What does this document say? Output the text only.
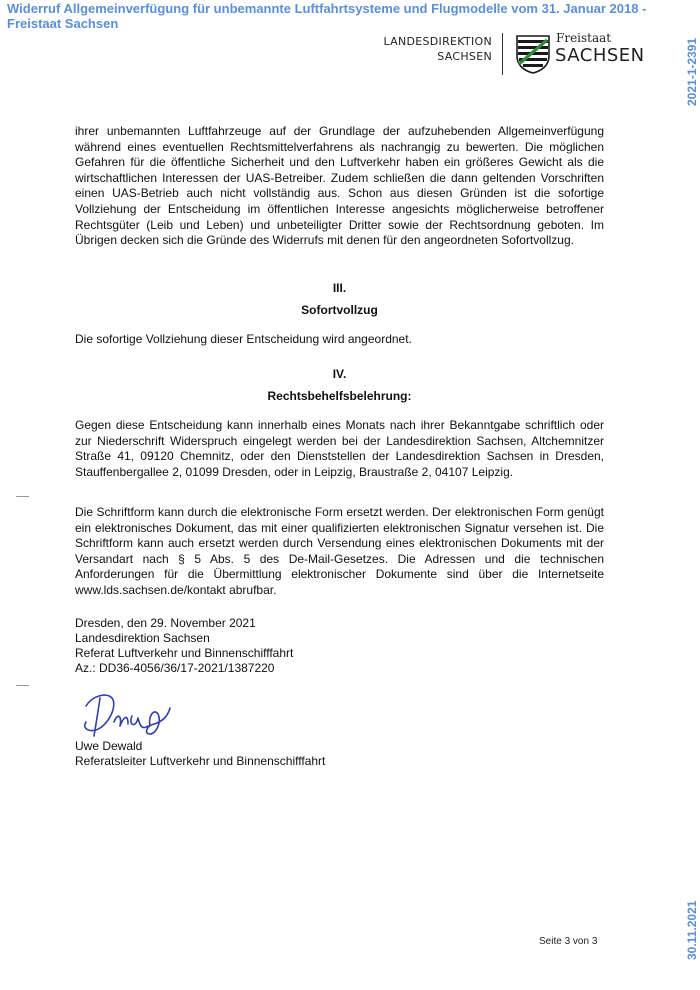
Widerruf Allgemeinverfügung für unbemannte Luftfahrtsysteme und Flugmodelle vom 31. Januar 2018 - Freistaat Sachsen
2021-1-2391
LANDESDIREKTION
SACHSEN
Freistaat
SACHSEN
ihrer unbemannten Luftfahrzeuge auf der Grundlage der aufzuhebenden Allgemeinverfügung während eines eventuellen Rechtsmittelverfahrens als nachrangig zu bewerten. Die möglichen Gefahren für die öffentliche Sicherheit und den Luftverkehr haben ein größeres Gewicht als die wirtschaftlichen Interessen der UAS-Betreiber. Zudem schließen die dann geltenden Vorschriften einen UAS-Betrieb auch nicht vollständig aus. Schon aus diesen Gründen ist die sofortige Vollziehung der Entscheidung im öffentlichen Interesse angesichts möglicherweise betroffener Rechtsgüter (Leib und Leben) und unbeteiligter Dritter sowie der Rechtsordnung geboten. Im Übrigen decken sich die Gründe des Widerrufs mit denen für den angeordneten Sofortvollzug.
III.
Sofortvollzug
Die sofortige Vollziehung dieser Entscheidung wird angeordnet.
IV.
Rechtsbehelfsbelehrung:
Gegen diese Entscheidung kann innerhalb eines Monats nach ihrer Bekanntgabe schriftlich oder zur Niederschrift Widerspruch eingelegt werden bei der Landesdirektion Sachsen, Altchemnitzer Straße 41, 09120 Chemnitz, oder den Dienststellen der Landesdirektion Sachsen in Dresden, Stauffenbergallee 2, 01099 Dresden, oder in Leipzig, Braustraße 2, 04107 Leipzig.
Die Schriftform kann durch die elektronische Form ersetzt werden. Der elektronischen Form genügt ein elektronisches Dokument, das mit einer qualifizierten elektronischen Signatur versehen ist. Die Schriftform kann auch ersetzt werden durch Versendung eines elektronischen Dokuments mit der Versandart nach § 5 Abs. 5 des De-Mail-Gesetzes. Die Adressen und die technischen Anforderungen für die Übermittlung elektronischer Dokumente sind über die Internetseite www.lds.sachsen.de/kontakt abrufbar.
Dresden, den 29. November 2021
Landesdirektion Sachsen
Referat Luftverkehr und Binnenschifffahrt
Az.: DD36-4056/36/17-2021/1387220
Uwe Dewald
Referatsleiter Luftverkehr und Binnenschifffahrt
Seite 3 von 3	30.11.2021
